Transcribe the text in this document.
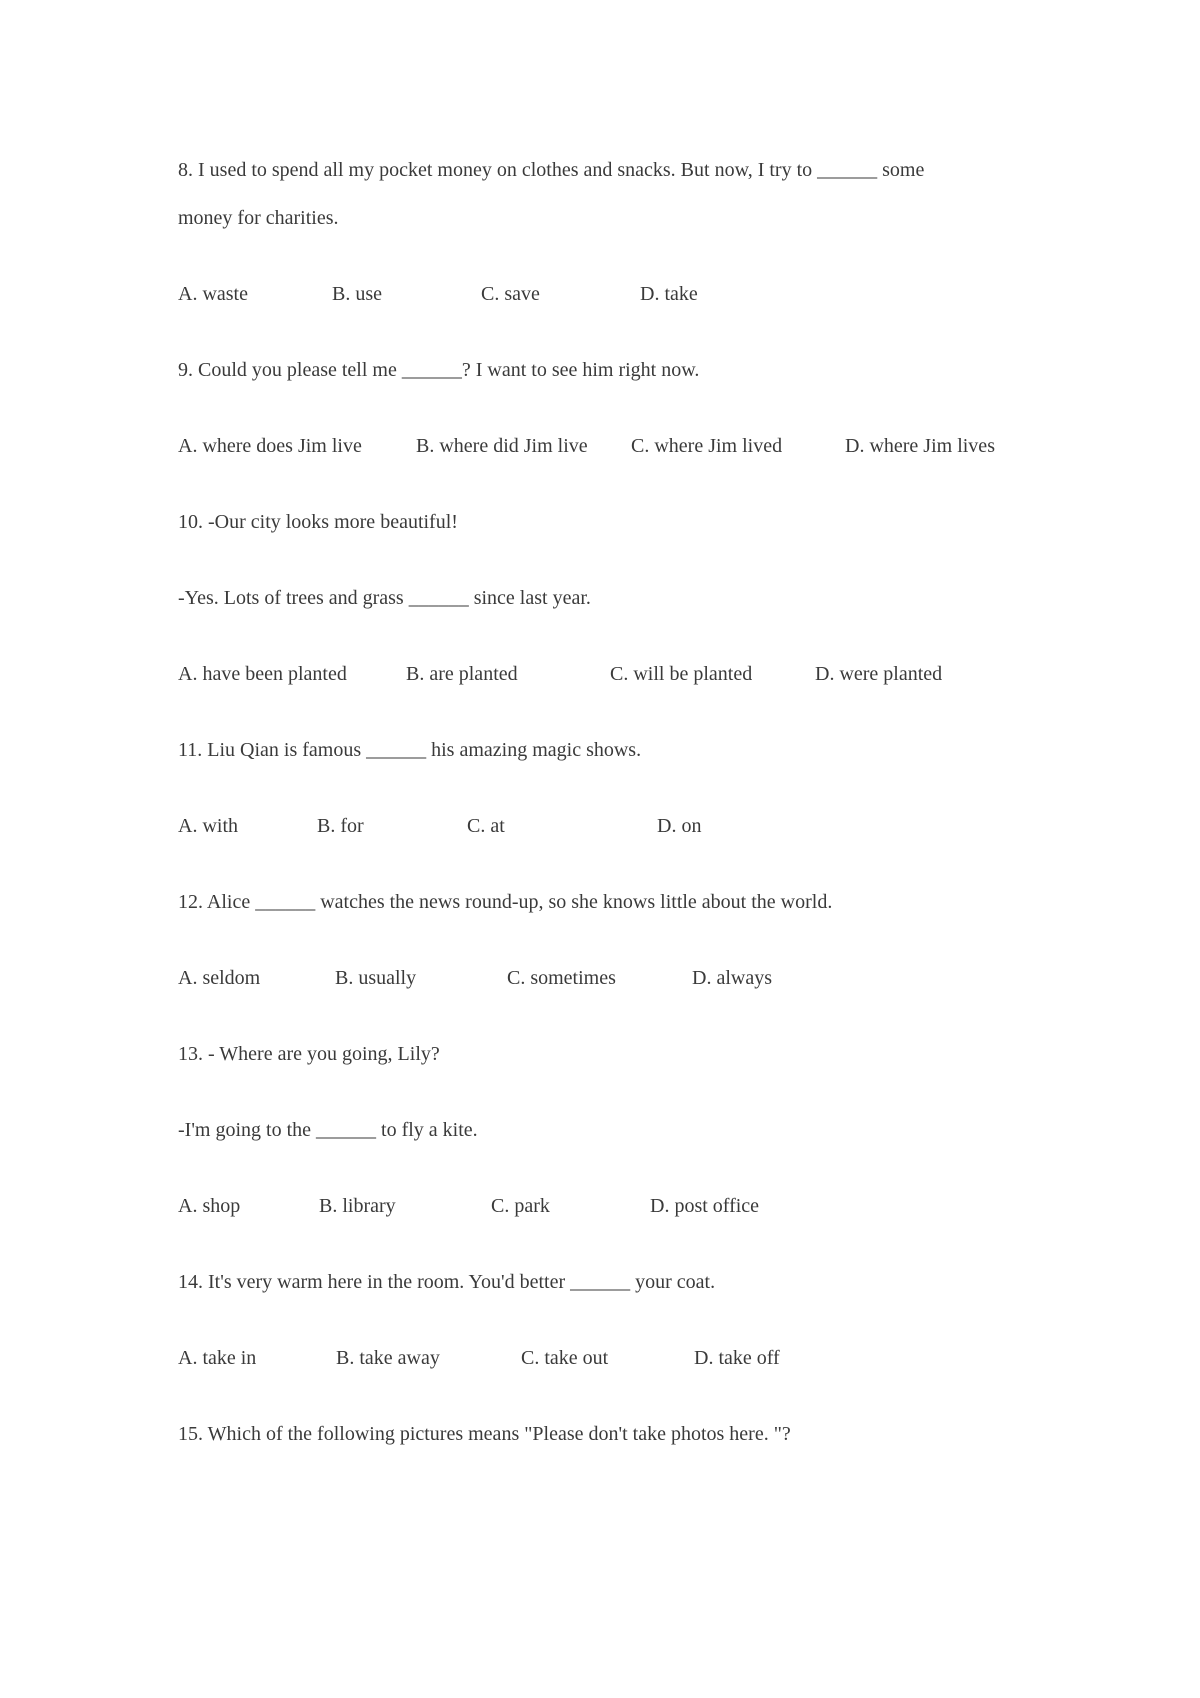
8. I used to spend all my pocket money on clothes and snacks. But now, I try to ______ some
money for charities.
A. waste	B. use	C. save	D. take
9. Could you please tell me ______? I want to see him right now.
A. where does Jim live	B. where did Jim live C. where Jim lived	D. where Jim lives
10. -Our city looks more beautiful!
-Yes. Lots of trees and grass ______ since last year.
A. have been planted	B. are planted	C. will be planted	D. were planted
11. Liu Qian is famous ______ his amazing magic shows.
A. with	B. for	C. at	D. on
12. Alice ______ watches the news round-up, so she knows little about the world.
A. seldom	B. usually	C. sometimes	D. always
13. - Where are you going, Lily?
-I'm going to the ______ to fly a kite.
A. shop	B. library	C. park	D. post office
14. It's very warm here in the room. You'd better ______ your coat.
A. take in	B. take away	C. take out	D. take off
15. Which of the following pictures means "Please don't take photos here. "?
